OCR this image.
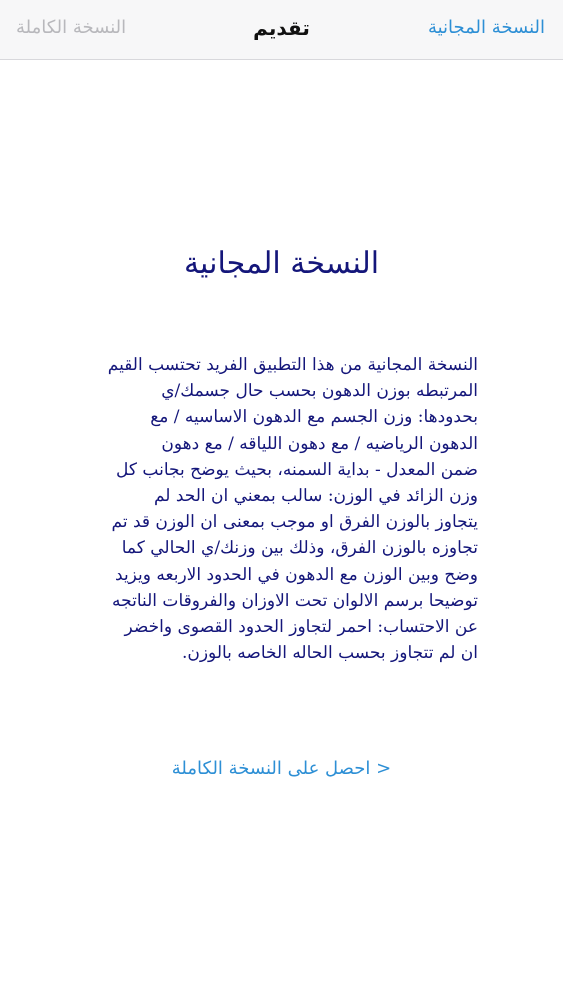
النسخة الكاملة	تقديم	النسخة المجانية
النسخة المجانية
النسخة المجانية من هذا التطبيق الفريد تحتسب القيم
المرتبطه بوزن الدهون بحسب حال جسمك/ي
بحدودها: وزن الجسم مع الدهون الاساسيه / مع
الدهون الرياضيه / مع دهون اللياقه / مع دهون
ضمن المعدل - بداية السمنه، بحيث يوضح بجانب كل
وزن الزائد في الوزن: سالب بمعني ان الحد لم
يتجاوز بالوزن الفرق او موجب بمعنى ان الوزن قد تم
تجاوزه بالوزن الفرق، وذلك بين وزنك/ي الحالي كما
وضح وبين الوزن مع الدهون في الحدود الاربعه ويزيد
توضيحا برسم الالوان تحت الاوزان والفروقات الناتجه
عن الاحتساب: احمر لتجاوز الحدود القصوى واخضر
ان لم تتجاوز بحسب الحاله الخاصه بالوزن.
< احصل على النسخة الكاملة
